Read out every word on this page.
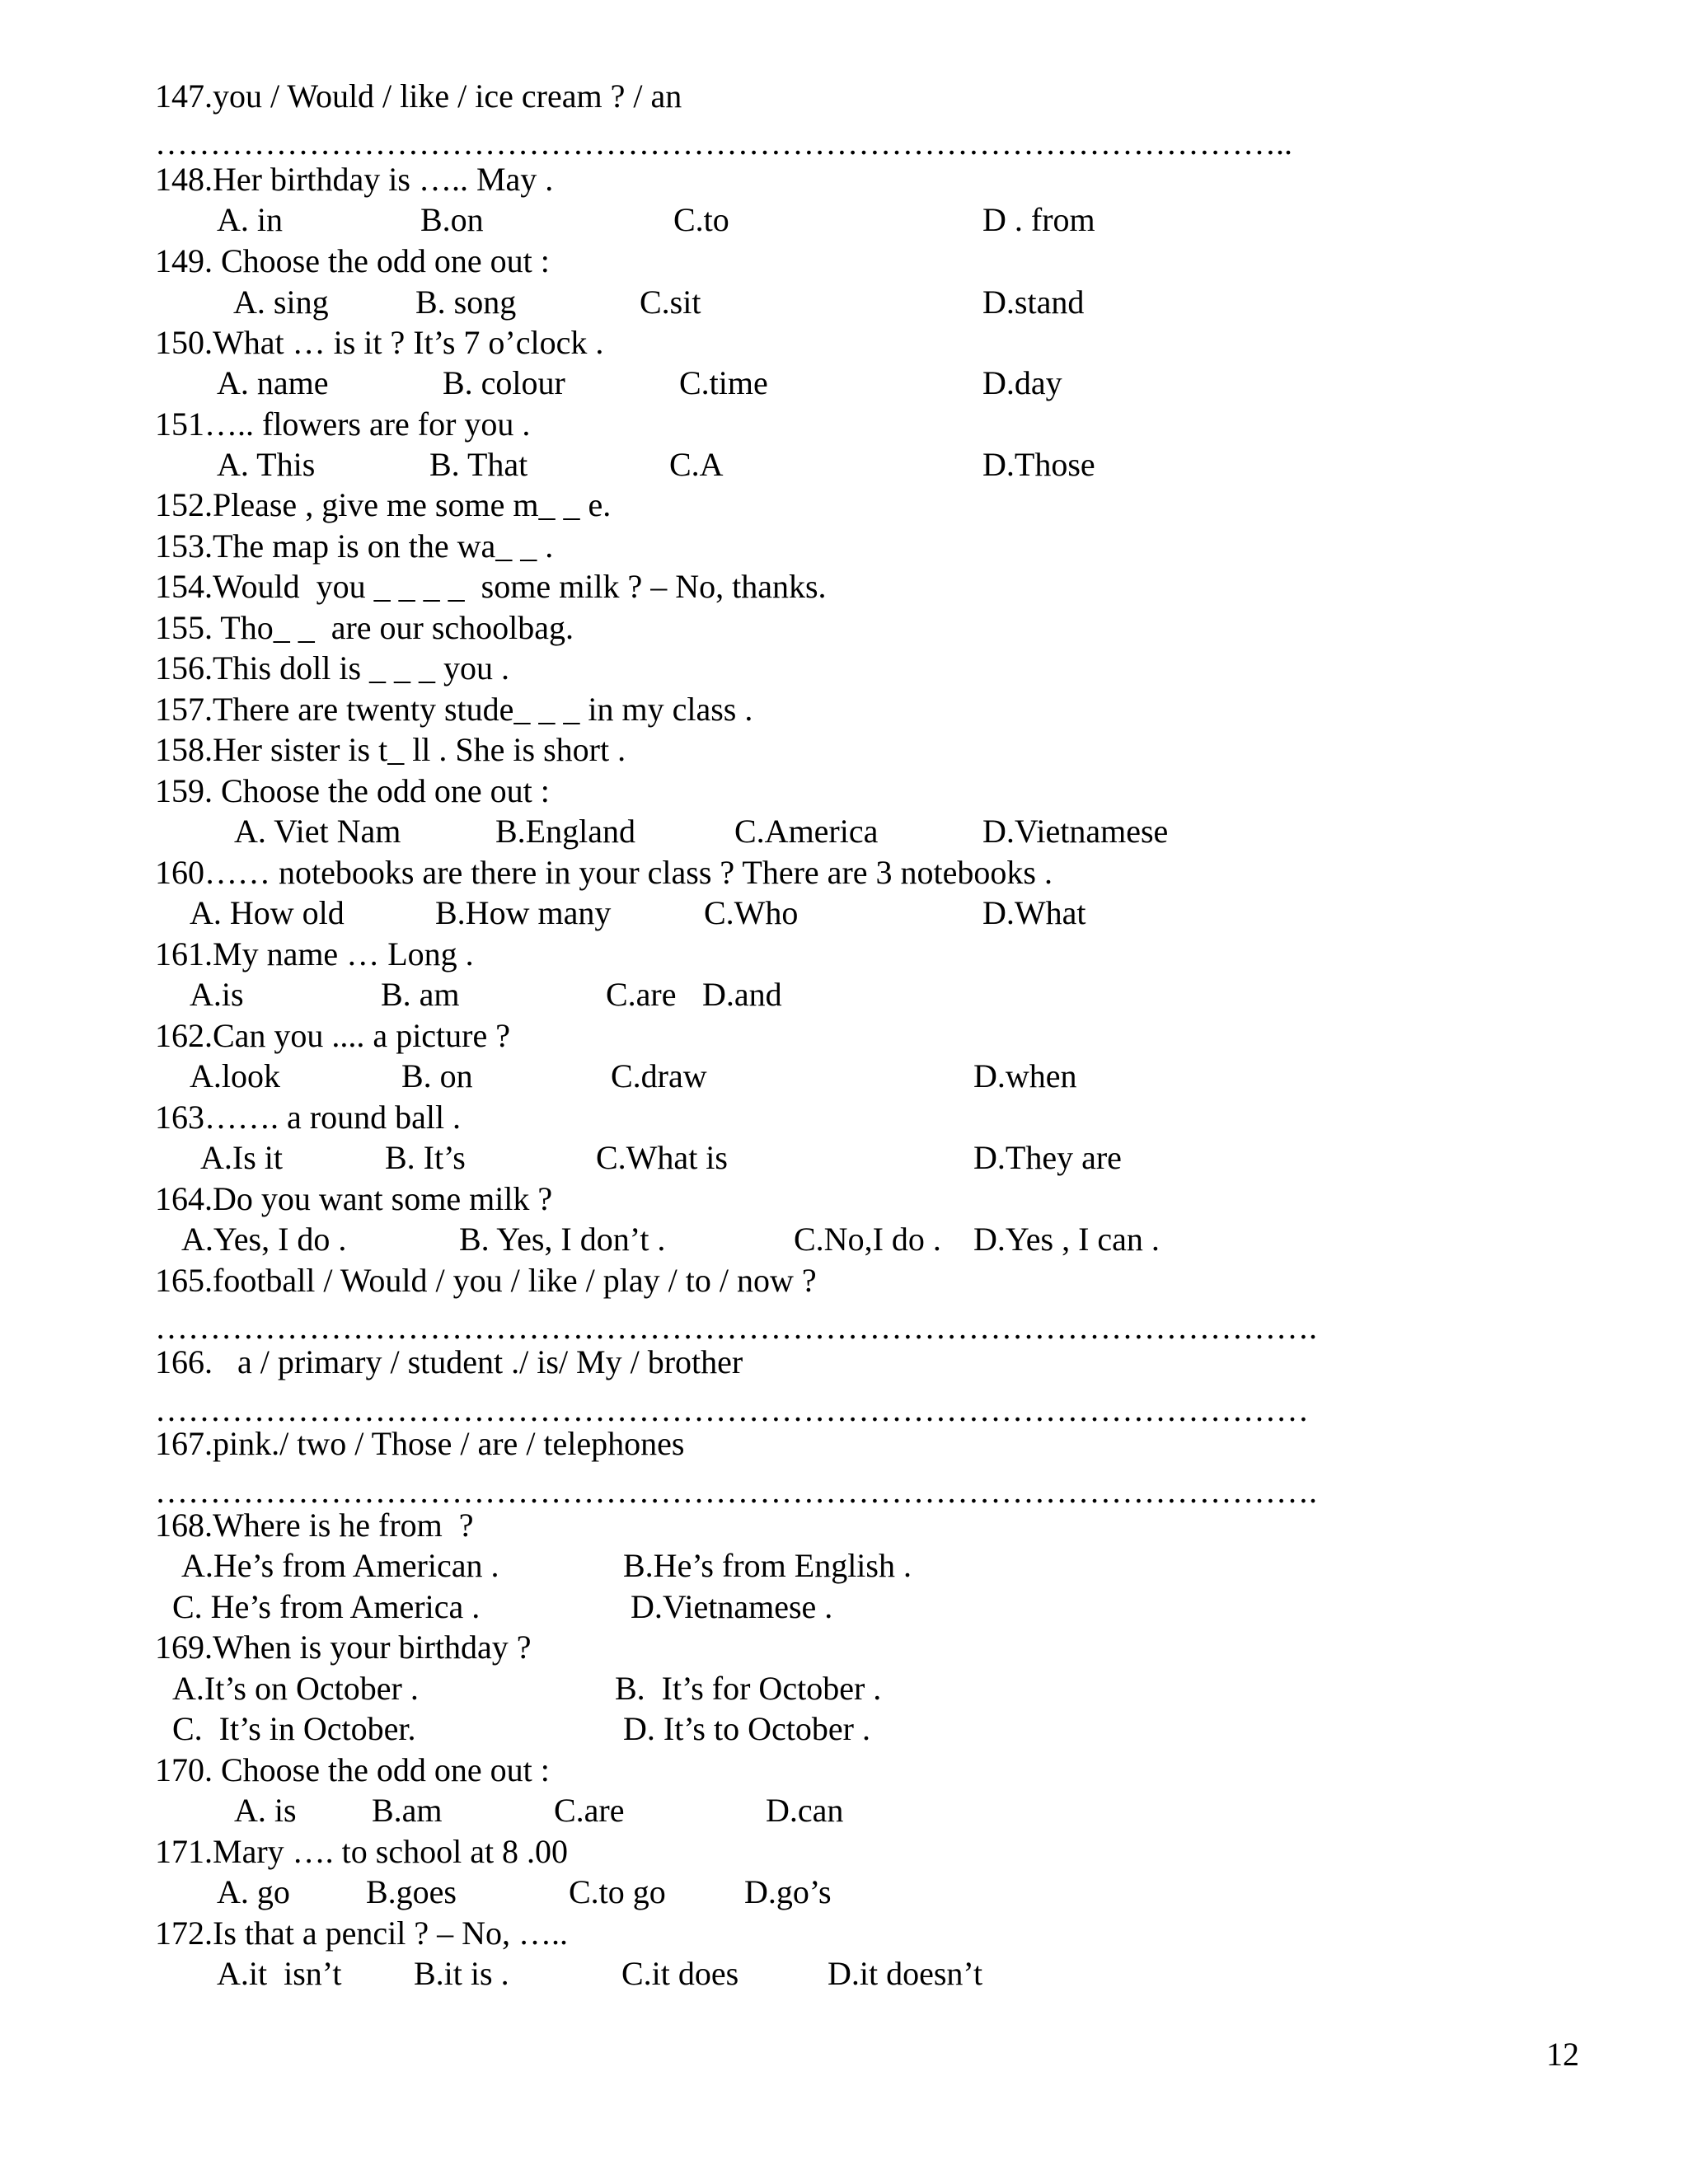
147.you / Would / like / ice cream ? / an
…………………………………………………………………………………………..
148.Her birthday is ….. May .
A. in	B.on	C.to	D . from
149. Choose the odd one out :
A. sing	B. song	C.sit	D.stand
150.What … is it ? It’s 7 o’clock .
A. name	B. colour	C.time	D.day
151….. flowers are for you .
A. This	B. That	C.A	D.Those
152.Please , give me some m_ _ e.
153.The map is on the wa_ _ .
154.Would  you _ _ _ _  some milk ? – No, thanks.
155. Tho_ _  are our schoolbag.
156.This doll is _ _ _ you .
157.There are twenty stude_ _ _ in my class .
158.Her sister is t_ ll . She is short .
159. Choose the odd one out :
A. Viet Nam	B.England	C.America	D.Vietnamese
160…… notebooks are there in your class ? There are 3 notebooks .
A. How old	B.How many	C.Who	D.What
161.My name … Long .
A.is	B. am	C.are D.and
162.Can you .... a picture ?
A.look	B. on	C.draw	D.when
163……. a round ball .
A.Is it	B. It’s	C.What is	D.They are
164.Do you want some milk ?
A.Yes, I do .	B. Yes, I don’t .	C.No,I do . D.Yes , I can .
165.football / Would / you / like / play / to / now ?
…………………………………………………………………………………………….
166.   a / primary / student ./ is/ My / brother
……………………………………………………………………………………………
167.pink./ two / Those / are / telephones
…………………………………………………………………………………………….
168.Where is he from  ?
A.He’s from American .	B.He’s from English .
C. He’s from America .	D.Vietnamese .
169.When is your birthday ?
A.It’s on October .	B.  It’s for October .
C.  It’s in October.	D. It’s to October .
170. Choose the odd one out :
A. is B.am	C.are	D.can
171.Mary …. to school at 8 .00
A. go B.goes	C.to go D.go’s
172.Is that a pencil ? – No, …..
A.it  isn’t B.it is .	C.it does	D.it doesn’t
12
